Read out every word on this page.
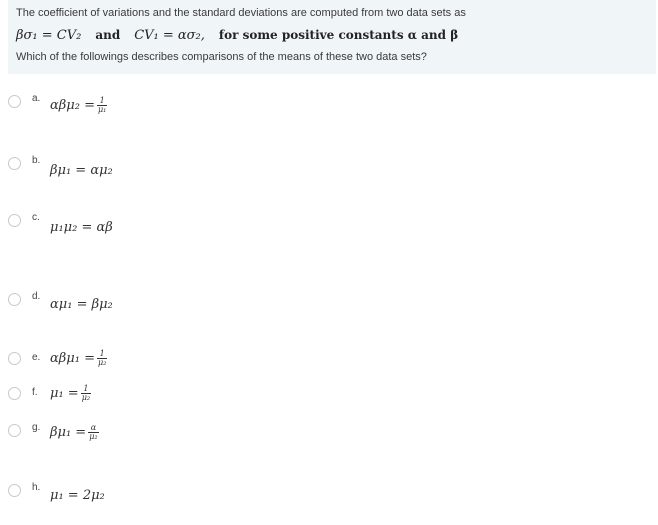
The coefficient of variations and the standard deviations are computed from two data sets as
βσ₁ = CV₂ and CV₁ = ασ₂, for some positive constants α and β
Which of the followings describes comparisons of the means of these two data sets?
a. $\alpha\beta\mu_2 = \frac{1}{\text{μ₁}}$
b.
βμ₁ = αμ₂
c.
μ₁μ₂ = αβ
d.
αμ₁ = βμ₂
e. $\alpha\beta\mu_1 = \frac{1}{\text{μ₂}}$
f. $\mu_1 = \frac{1}{\text{μ₂}}$
g. $\beta\mu_1 = \frac{\alpha}{\text{μ₂}}$
h.
μ₁ = 2μ₂
